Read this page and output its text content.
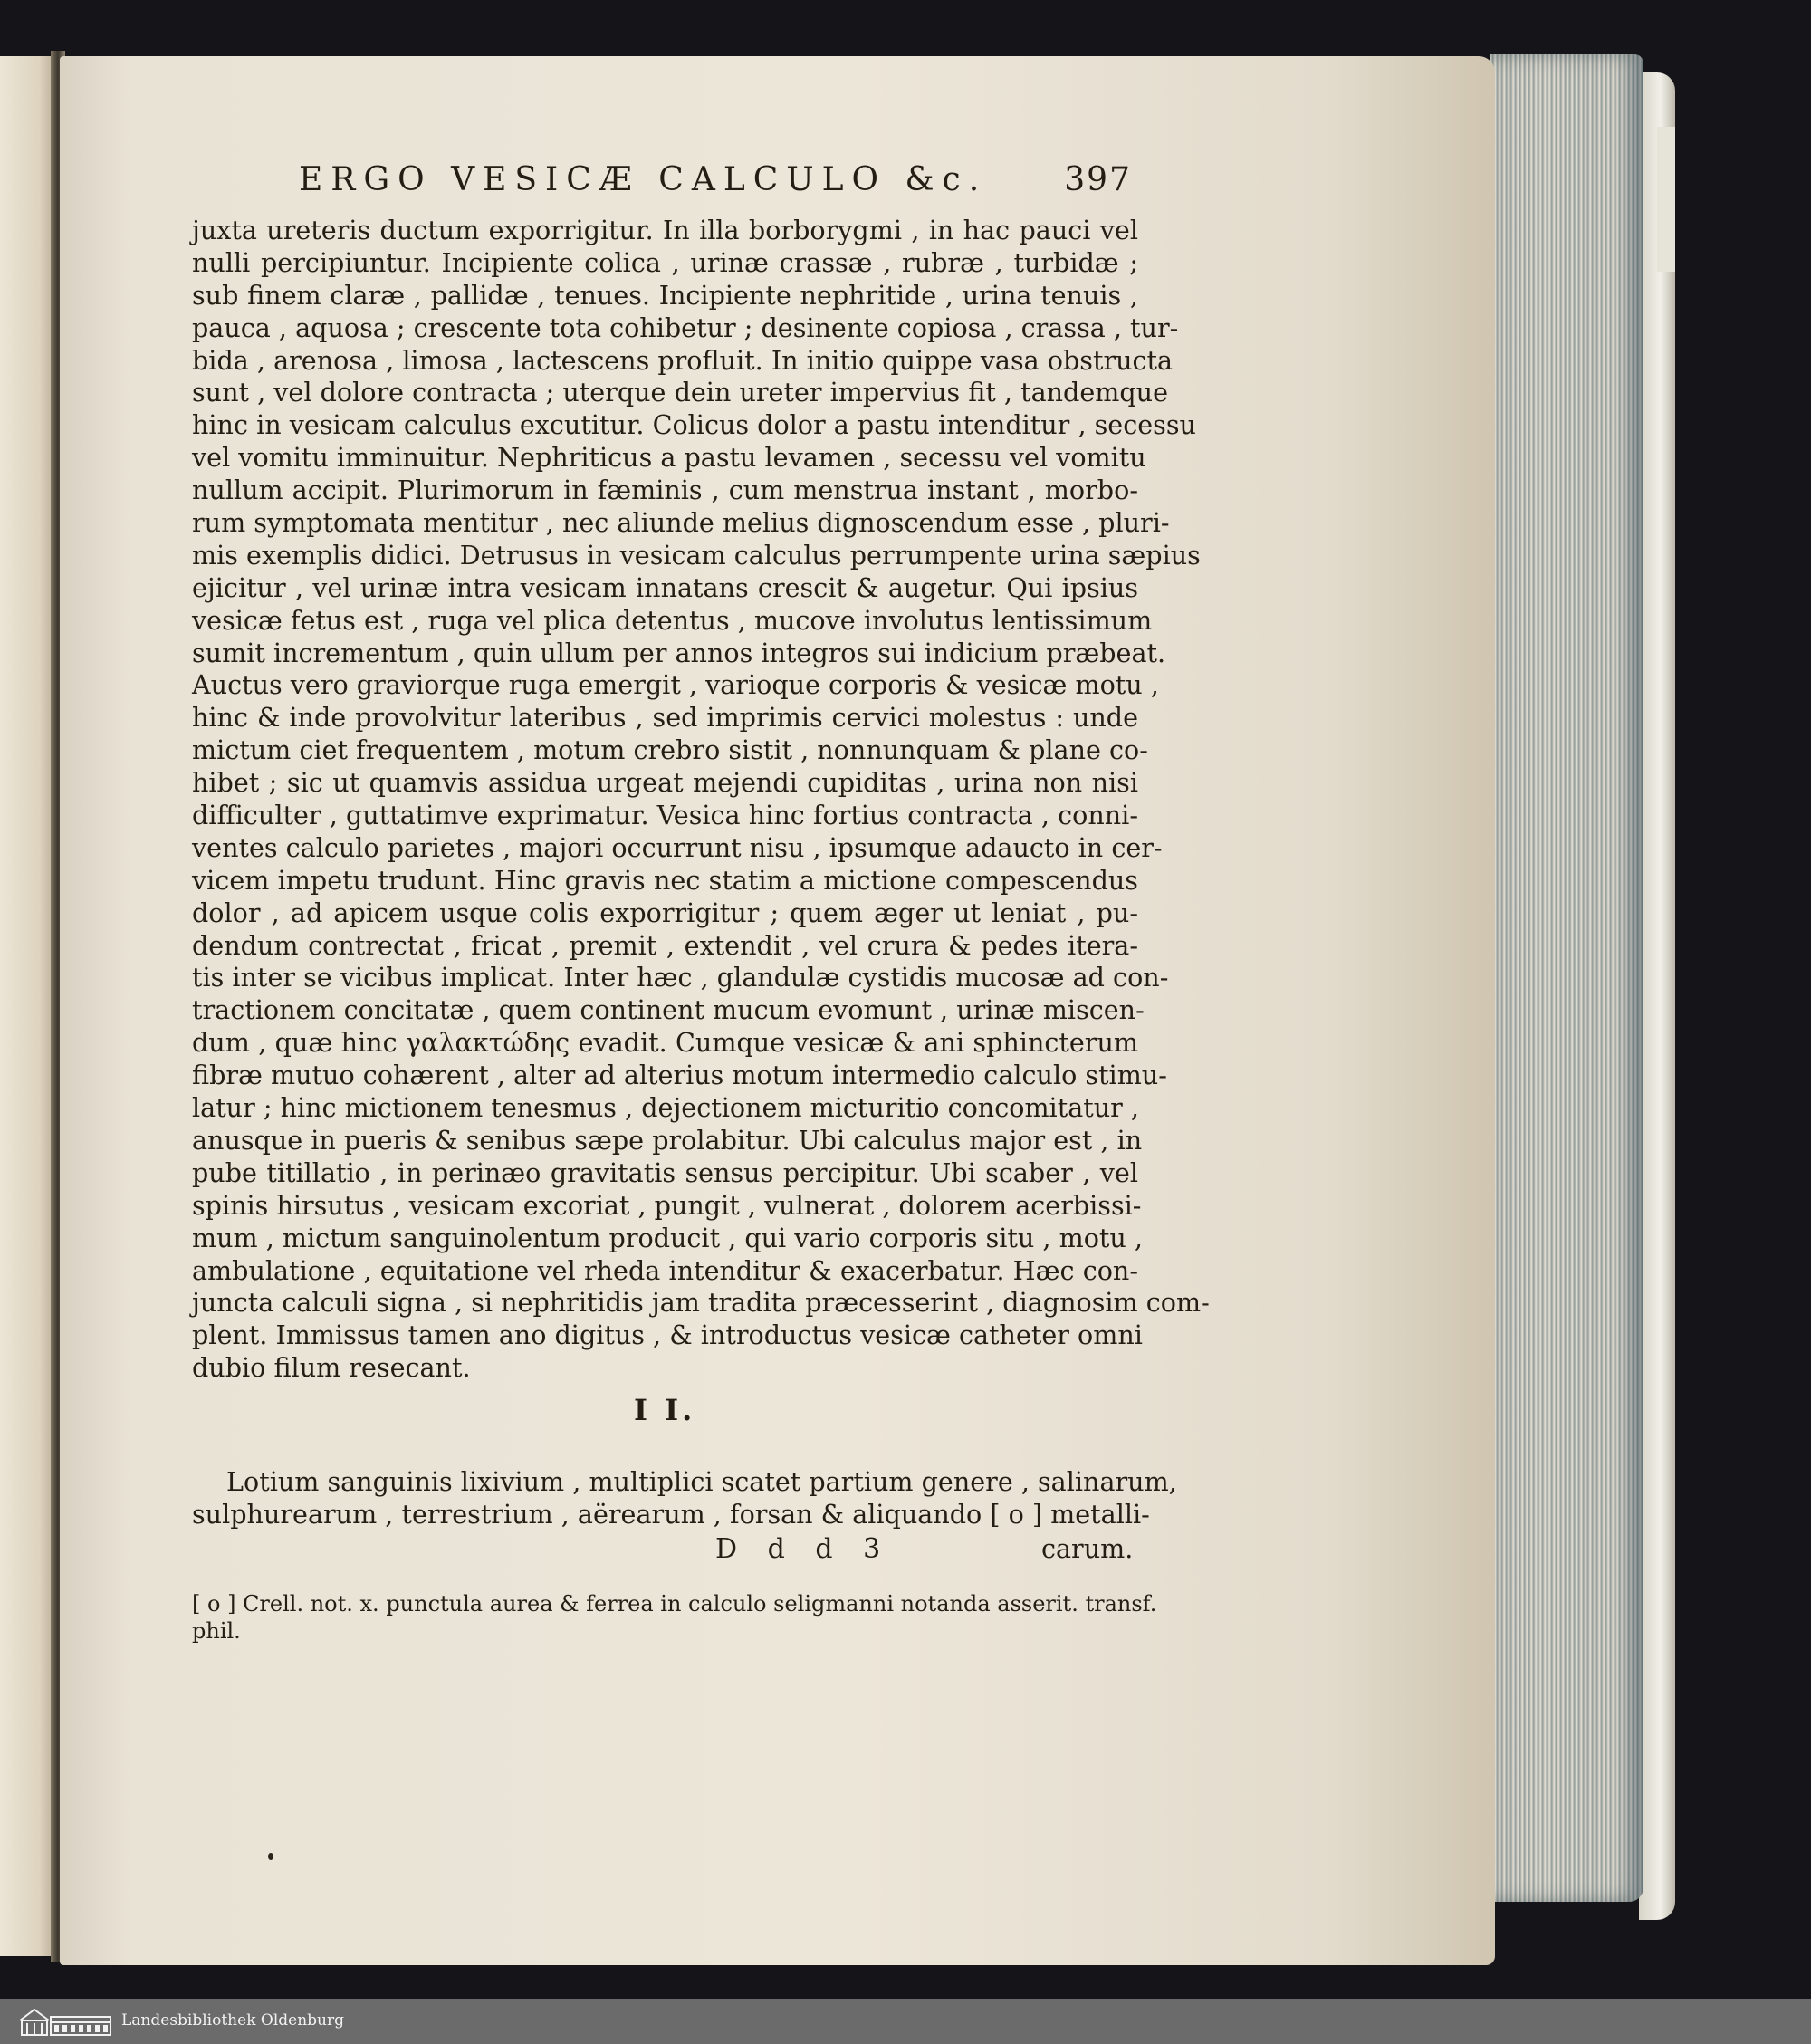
ERGO VESICÆ CALCULO &c. 397
juxta ureteris ductum exporrigitur. In illa borborygmi , in hac pauci vel
nulli percipiuntur. Incipiente colica , urinæ crassæ , rubræ , turbidæ ;
sub finem claræ , pallidæ , tenues. Incipiente nephritide , urina tenuis ,
pauca , aquosa ; crescente tota cohibetur ; desinente copiosa , crassa , tur-
bida , arenosa , limosa , lactescens profluit. In initio quippe vasa obstructa
sunt , vel dolore contracta ; uterque dein ureter impervius fit , tandemque
hinc in vesicam calculus excutitur. Colicus dolor a pastu intenditur , secessu
vel vomitu imminuitur. Nephriticus a pastu levamen , secessu vel vomitu
nullum accipit. Plurimorum in fæminis , cum menstrua instant , morbo-
rum symptomata mentitur , nec aliunde melius dignoscendum esse , pluri-
mis exemplis didici. Detrusus in vesicam calculus perrumpente urina sæpius
ejicitur , vel urinæ intra vesicam innatans crescit & augetur. Qui ipsius
vesicæ fetus est , ruga vel plica detentus , mucove involutus lentissimum
sumit incrementum , quin ullum per annos integros sui indicium præbeat.
Auctus vero graviorque ruga emergit , varioque corporis & vesicæ motu ,
hinc & inde provolvitur lateribus , sed imprimis cervici molestus : unde
mictum ciet frequentem , motum crebro sistit , nonnunquam & plane co-
hibet ; sic ut quamvis assidua urgeat mejendi cupiditas , urina non nisi
difficulter , guttatimve exprimatur. Vesica hinc fortius contracta , conni-
ventes calculo parietes , majori occurrunt nisu , ipsumque adaucto in cer-
vicem impetu trudunt. Hinc gravis nec statim a mictione compescendus
dolor , ad apicem usque colis exporrigitur ; quem æger ut leniat , pu-
dendum contrectat , fricat , premit , extendit , vel crura & pedes itera-
tis inter se vicibus implicat. Inter hæc , glandulæ cystidis mucosæ ad con-
tractionem concitatæ , quem continent mucum evomunt , urinæ miscen-
dum , quæ hinc γαλακτώδης evadit. Cumque vesicæ & ani sphincterum
fibræ mutuo cohærent , alter ad alterius motum intermedio calculo stimu-
latur ; hinc mictionem tenesmus , dejectionem micturitio concomitatur ,
anusque in pueris & senibus sæpe prolabitur. Ubi calculus major est , in
pube titillatio , in perinæo gravitatis sensus percipitur. Ubi scaber , vel
spinis hirsutus , vesicam excoriat , pungit , vulnerat , dolorem acerbissi-
mum , mictum sanguinolentum producit , qui vario corporis situ , motu ,
ambulatione , equitatione vel rheda intenditur & exacerbatur. Hæc con-
juncta calculi signa , si nephritidis jam tradita præcesserint , diagnosim com-
plent. Immissus tamen ano digitus , & introductus vesicæ catheter omni
dubio filum resecant.
I I.
Lotium sanguinis lixivium , multiplici scatet partium genere , salinarum,
sulphurearum , terrestrium , aërearum , forsan & aliquando [ o ] metalli-
D d d 3	carum.
[ o ] Crell. not. x. punctula aurea & ferrea in calculo seligmanni notanda asserit. transf.
phil.
Landesbibliothek Oldenburg
